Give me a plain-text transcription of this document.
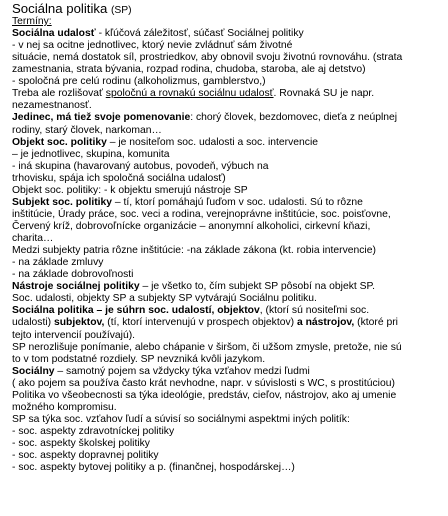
Sociálna politika (SP)
Termíny:
Sociálna udalosť - kľúčová záležitosť, súčasť Sociálnej politiky
- v nej sa ocitne jednotlivec, ktorý nevie zvládnuť sám životné
situácie, nemá dostatok síl, prostriedkov, aby obnovil svoju životnú rovnováhu. (strata
zamestnania, strata bývania, rozpad rodina, chudoba, staroba, ale aj detstvo)
- spoločná pre celú rodinu (alkoholizmus, gamblerstvo,)
Treba ale rozlišovať spoločnú a rovnakú sociálnu udalosť. Rovnaká SU je napr.
nezamestnanosť.
Jedinec, má tiež svoje pomenovanie: chorý človek, bezdomovec, dieťa z neúplnej
rodiny, starý človek, narkoman…
Objekt soc. politiky – je nositeľom soc. udalosti a soc. intervencie
– je jednotlivec, skupina, komunita
- iná skupina (havarovaný autobus, povodeň, výbuch na
trhovisku, spája ich spoločná sociálna udalosť)
Objekt soc. politiky: - k objektu smerujú nástroje SP
Subjekt soc. politiky – tí, ktorí pomáhajú ľuďom v soc. udalosti. Sú to rôzne
inštitúcie, Úrady práce, soc. veci a rodina, verejnoprávne inštitúcie, soc. poisťovne,
Červený kríž, dobrovoľnícke organizácie – anonymní alkoholici, cirkevní kňazi,
charita…
Medzi subjekty patria rôzne inštitúcie: -na základe zákona (kt. robia intervencie)
- na základe zmluvy
- na základe dobrovoľnosti
Nástroje sociálnej politiky – je všetko to, čím subjekt SP pôsobí na objekt SP.
Soc. udalosti, objekty SP a subjekty SP vytvárajú Sociálnu politiku.
Sociálna politika – je súhrn soc. udalostí, objektov, (ktorí sú nositeľmi soc.
udalosti) subjektov, (tí, ktorí intervenujú v prospech objektov) a nástrojov, (ktoré pri
tejto intervencií používajú).
SP nerozlišuje ponímanie, alebo chápanie v širšom, či užšom zmysle, pretože, nie sú
to v tom podstatné rozdiely. SP nevzniká kvôli jazykom.
Sociálny – samotný pojem sa vždycky týka vzťahov medzi ľudmi
( ako pojem sa používa často krát nevhodne, napr. v súvislosti s WC, s prostitúciou)
Politika vo všeobecnosti sa týka ideológie, predstáv, cieľov, nástrojov, ako aj umenie
možného kompromisu.
SP sa týka soc. vzťahov ľudí a súvisí so sociálnymi aspektmi iných politík:
- soc. aspekty zdravotníckej politiky
- soc. aspekty školskej politiky
- soc. aspekty dopravnej politiky
- soc. aspekty bytovej politiky a p. (finančnej, hospodárskej…)
